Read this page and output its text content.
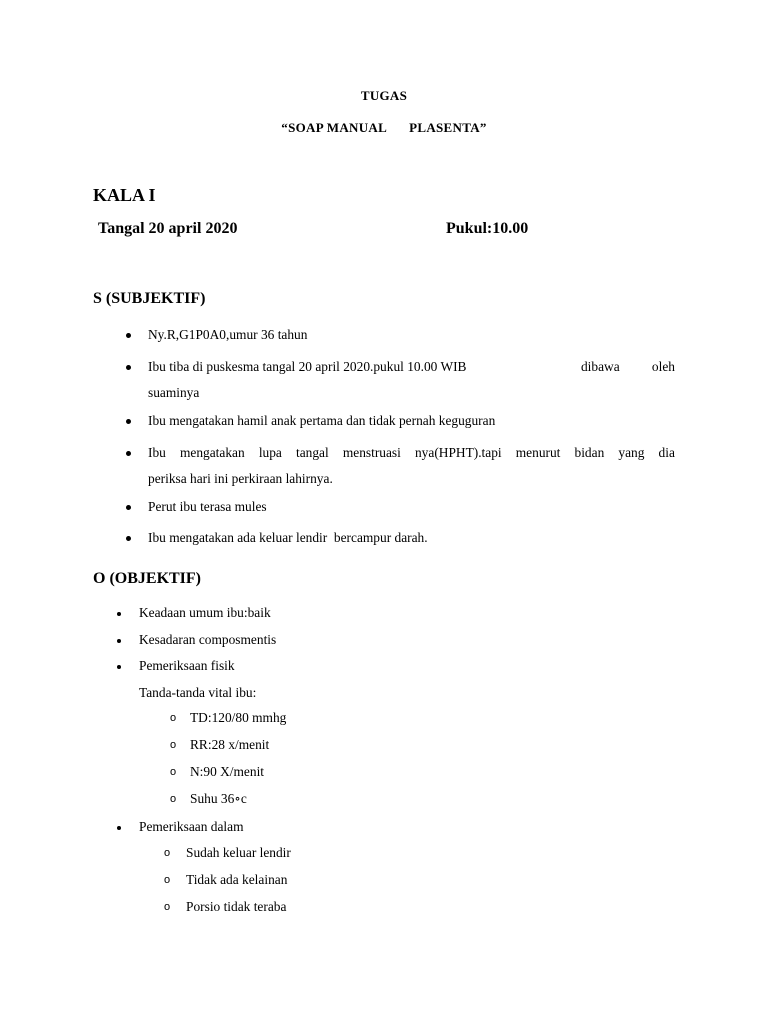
TUGAS
“SOAP MANUAL PLASENTA”
KALA I
Tangal 20 april 2020	Pukul:10.00
S (SUBJEKTIF)
Ny.R,G1P0A0,umur 36 tahun
Ibu tiba di puskesma tangal 20 april 2020.pukul 10.00 WIB	dibawa oleh
suaminya
Ibu mengatakan hamil anak pertama dan tidak pernah keguguran
Ibu mengatakan lupa tangal menstruasi nya(HPHT).tapi menurut bidan yang dia
periksa hari ini perkiraan lahirnya.
Perut ibu terasa mules
Ibu mengatakan ada keluar lendir  bercampur darah.
O (OBJEKTIF)
Keadaan umum ibu:baik
Kesadaran composmentis
Pemeriksaan fisik
Tanda-tanda vital ibu:
o TD:120/80 mmhg
o RR:28 x/menit
o N:90 X/menit
o Suhu 36∘c
Pemeriksaan dalam
o Sudah keluar lendir
o Tidak ada kelainan
o Porsio tidak teraba
